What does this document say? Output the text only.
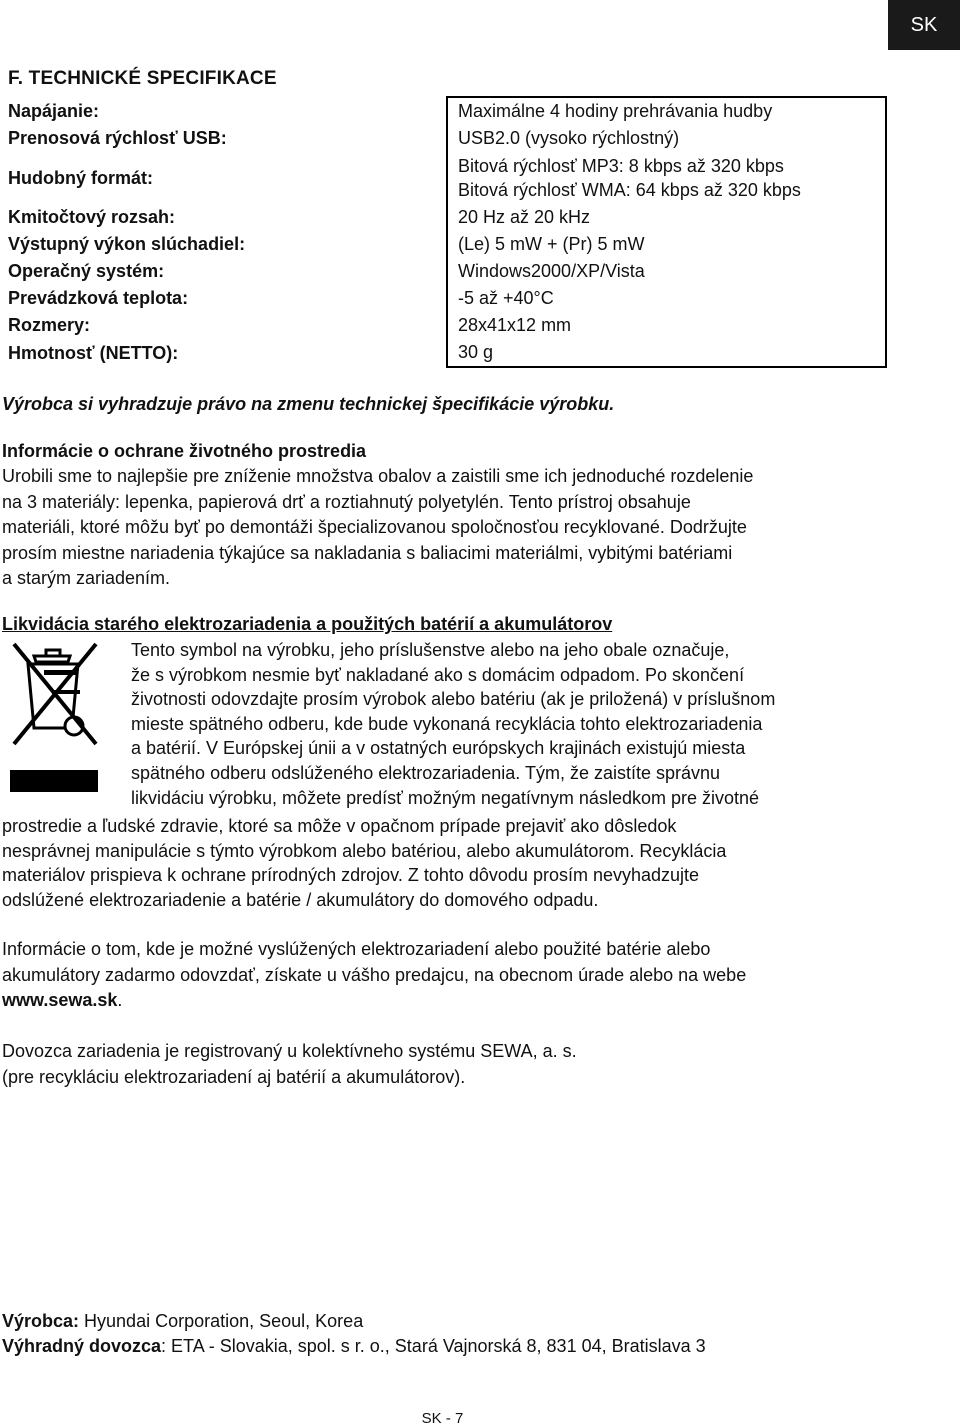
SK
F. TECHNICKÉ SPECIFIKACE
Napájanie:	Maximálne 4 hodiny prehrávania hudby

Prenosová rýchlosť USB:	USB2.0 (vysoko rýchlostný)

Hudobný formát:	Bitová rýchlosť MP3: 8 kbps až 320 kbps
Bitová rýchlosť WMA: 64 kbps až 320 kbps

Kmitočtový rozsah:	20 Hz až 20 kHz

Výstupný výkon slúchadiel:	(Le) 5 mW + (Pr) 5 mW

Operačný systém:	Windows2000/XP/Vista

Prevádzková teplota:	-5 až +40°C

Rozmery:	28x41x12 mm

Hmotnosť (NETTO):	30 g

Výrobca si vyhradzuje právo na zmenu technickej špecifikácie výrobku.

Informácie o ochrane životného prostredia

Urobili sme to najlepšie pre zníženie množstva obalov a zaistili sme ich jednoduché rozdelenie
na 3 materiály: lepenka, papierová drť a roztiahnutý polyetylén. Tento prístroj obsahuje
materiáli, ktoré môžu byť po demontáži špecializovanou spoločnosťou recyklované. Dodržujte
prosím miestne nariadenia týkajúce sa nakladania s baliacimi materiálmi, vybitými batériami
a starým zariadením.

Likvidácia starého elektrozariadenia a použitých batérií a akumulátorov

Tento symbol na výrobku, jeho príslušenstve alebo na jeho obale označuje,
že s výrobkom nesmie byť nakladané ako s domácim odpadom. Po skončení
životnosti odovzdajte prosím výrobok alebo batériu (ak je priložená) v príslušnom
mieste spätného odberu, kde bude vykonaná recyklácia tohto elektrozariadenia
a batérií. V Európskej únii a v ostatných európskych krajinách existujú miesta
spätného odberu odslúženého elektrozariadenia. Tým, že zaistíte správnu
likvidáciu výrobku, môžete predísť možným negatívnym následkom pre životné

prostredie a ľudské zdravie, ktoré sa môže v opačnom prípade prejaviť ako dôsledok
nesprávnej manipulácie s týmto výrobkom alebo batériou, alebo akumulátorom. Recyklácia
materiálov prispieva k ochrane prírodných zdrojov. Z tohto dôvodu prosím nevyhadzujte
odslúžené elektrozariadenie a batérie / akumulátory do domového odpadu.

Informácie o tom, kde je možné vyslúžených elektrozariadení alebo použité batérie alebo
akumulátory zadarmo odovzdať, získate u vášho predajcu, na obecnom úrade alebo na webe
www.sewa.sk.

Dovozca zariadenia je registrovaný u kolektívneho systému SEWA, a. s.
(pre recykláciu elektrozariadení aj batérií a akumulátorov).

Výrobca: Hyundai Corporation, Seoul, Korea
Výhradný dovozca: ETA - Slovakia, spol. s r. o., Stará Vajnorská 8, 831 04, Bratislava 3
SK - 7
